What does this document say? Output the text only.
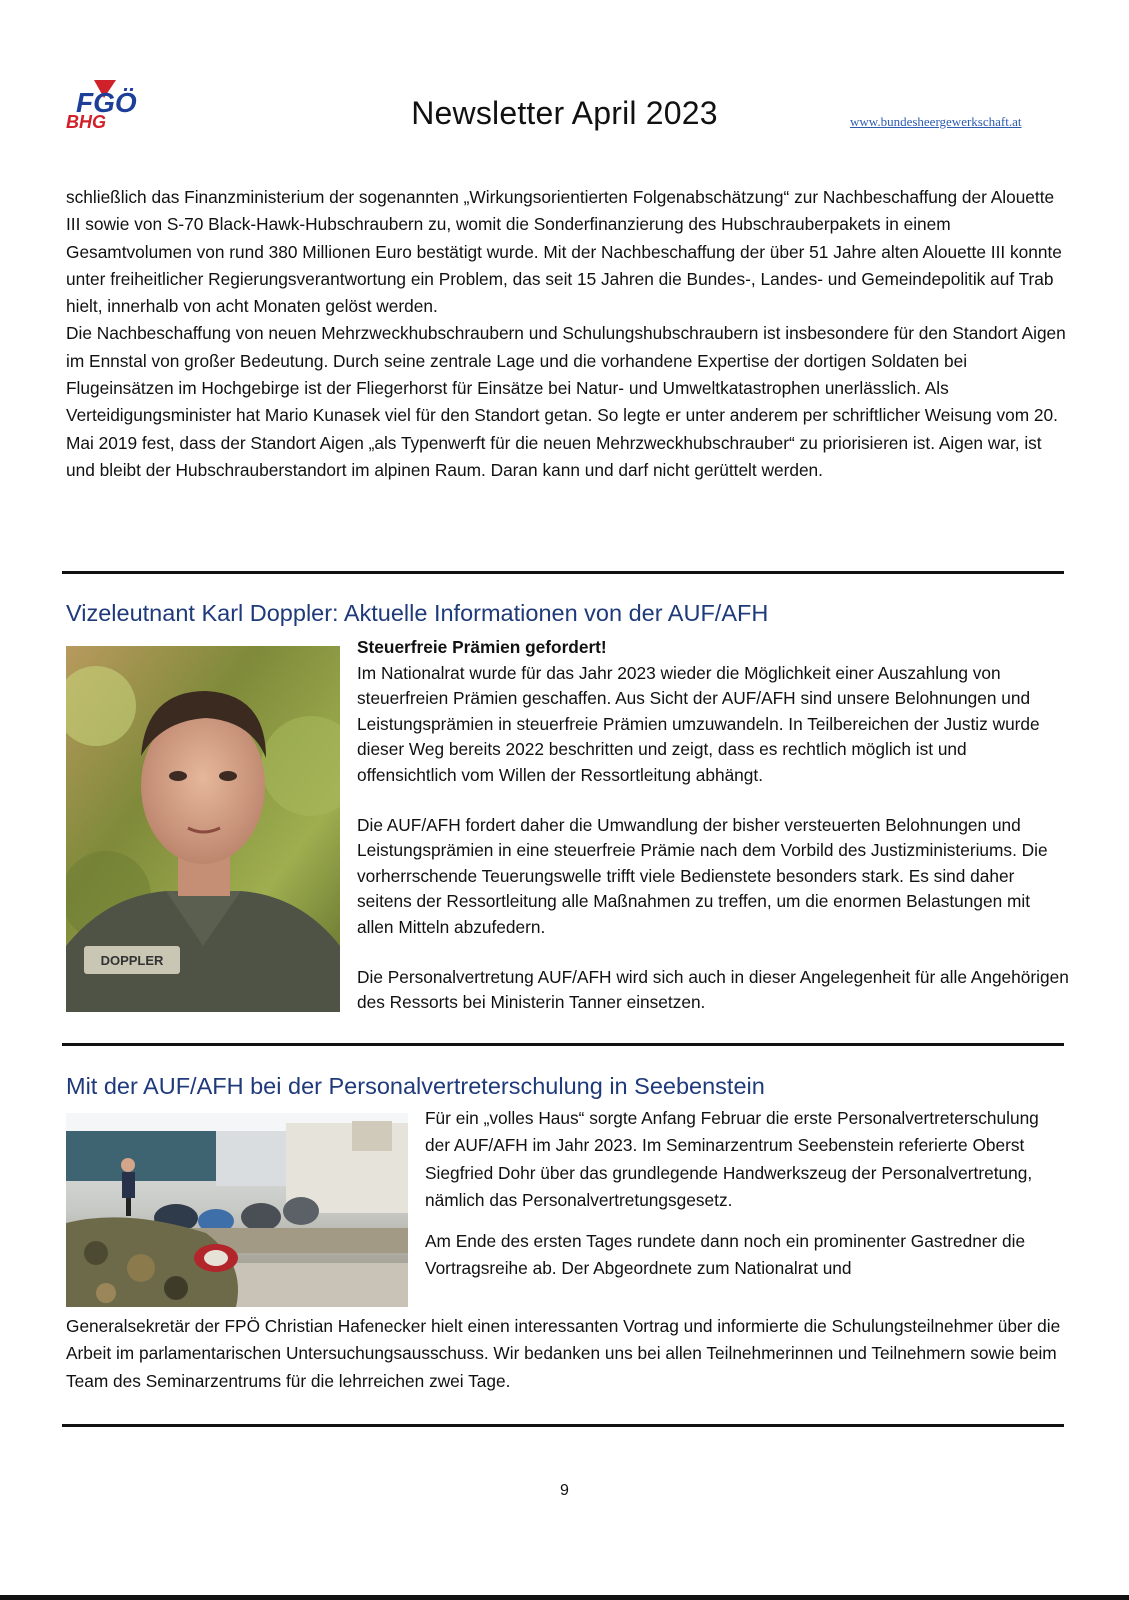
FGÖ
BHG	Newsletter April 2023	www.bundesheergewerkschaft.at

schließlich das Finanzministerium der sogenannten „Wirkungsorientierten Folgenabschätzung“ zur Nachbeschaffung der Alouette III sowie von S-70 Black-Hawk-Hubschraubern zu, womit die Sonderfinanzierung des Hubschrauberpakets in einem Gesamtvolumen von rund 380 Millionen Euro bestätigt wurde. Mit der Nachbeschaffung der über 51 Jahre alten Alouette III konnte unter freiheitlicher Regierungsverantwortung ein Problem, das seit 15 Jahren die Bundes-, Landes- und Gemeindepolitik auf Trab hielt, innerhalb von acht Monaten gelöst werden.

Die Nachbeschaffung von neuen Mehrzweckhubschraubern und Schulungshubschraubern ist insbesondere für den Standort Aigen im Ennstal von großer Bedeutung. Durch seine zentrale Lage und die vorhandene Expertise der dortigen Soldaten bei Flugeinsätzen im Hochgebirge ist der Fliegerhorst für Einsätze bei Natur- und Umweltkatastrophen unerlässlich. Als Verteidigungsminister hat Mario Kunasek viel für den Standort getan. So legte er unter anderem per schriftlicher Weisung vom 20. Mai 2019 fest, dass der Standort Aigen „als Typenwerft für die neuen Mehrzweckhubschrauber“ zu priorisieren ist. Aigen war, ist und bleibt der Hubschrauberstandort im alpinen Raum. Daran kann und darf nicht gerüttelt werden.

Vizeleutnant Karl Doppler: Aktuelle Informationen von der AUF/AFH
DOPPLER

Steuerfreie Prämien gefordert!

Im Nationalrat wurde für das Jahr 2023 wieder die Möglichkeit einer Auszahlung von steuerfreien Prämien geschaffen. Aus Sicht der AUF/AFH sind unsere Belohnungen und Leistungsprämien in steuerfreie Prämien umzuwandeln. In Teilbereichen der Justiz wurde dieser Weg bereits 2022 beschritten und zeigt, dass es rechtlich möglich ist und offensichtlich vom Willen der Ressortleitung abhängt.

Die AUF/AFH fordert daher die Umwandlung der bisher versteuerten Belohnungen und Leistungsprämien in eine steuerfreie Prämie nach dem Vorbild des Justizministeriums. Die vorherrschende Teuerungswelle trifft viele Bedienstete besonders stark. Es sind daher seitens der Ressortleitung alle Maßnahmen zu treffen, um die enormen Belastungen mit allen Mitteln abzufedern.

Die Personalvertretung AUF/AFH wird sich auch in dieser Angelegenheit für alle Angehörigen des Ressorts bei Ministerin Tanner einsetzen.

Mit der AUF/AFH bei der Personalvertreterschulung in Seebenstein

Für ein „volles Haus“ sorgte Anfang Februar die erste Personalvertreterschulung der AUF/AFH im Jahr 2023. Im Seminarzentrum Seebenstein referierte Oberst Siegfried Dohr über das grundlegende Handwerkszeug der Personalvertretung, nämlich das Personalvertretungsgesetz.

Am Ende des ersten Tages rundete dann noch ein prominenter Gastredner die Vortragsreihe ab. Der Abgeordnete zum Nationalrat und

Generalsekretär der FPÖ Christian Hafenecker hielt einen interessanten Vortrag und informierte die Schulungsteilnehmer über die Arbeit im parlamentarischen Untersuchungsausschuss. Wir bedanken uns bei allen Teilnehmerinnen und Teilnehmern sowie beim Team des Seminarzentrums für die lehrreichen zwei Tage.

9
